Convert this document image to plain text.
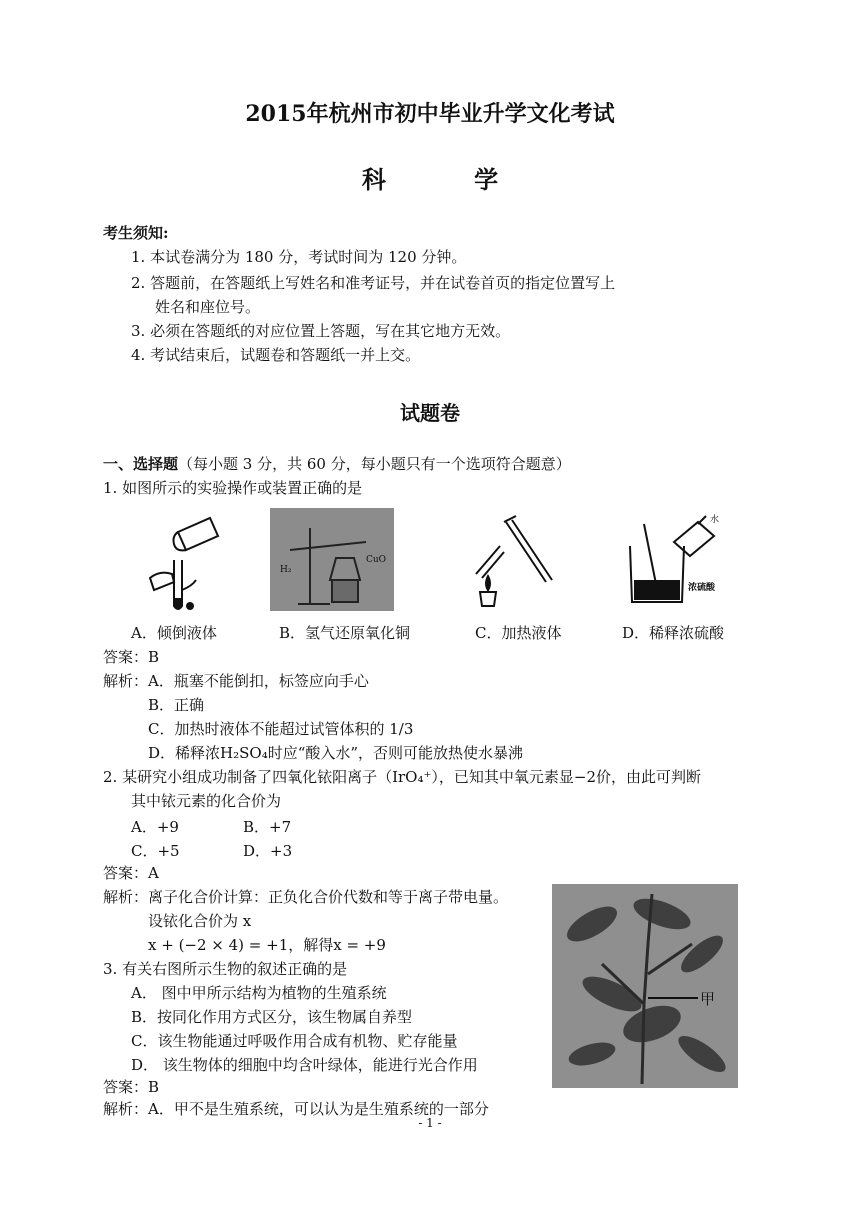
2015年杭州市初中毕业升学文化考试
科 学
考生须知:
1. 本试卷满分为 180 分，考试时间为 120 分钟。
2. 答题前，在答题纸上写姓名和准考证号，并在试卷首页的指定位置写上
姓名和座位号。
3. 必须在答题纸的对应位置上答题，写在其它地方无效。
4. 考试结束后，试题卷和答题纸一并上交。
试题卷
一、选择题（每小题 3 分，共 60 分，每小题只有一个选项符合题意）
1. 如图所示的实验操作或装置正确的是
H₂
CuO
水
浓硫酸
A．倾倒液体	B．氢气还原氧化铜	C．加热液体	D．稀释浓硫酸
答案：B
解析：A．瓶塞不能倒扣，标签应向手心
B．正确
C．加热时液体不能超过试管体积的 1/3
D．稀释浓H₂SO₄时应“酸入水”，否则可能放热使水暴沸
2. 某研究小组成功制备了四氧化铱阳离子（IrO₄⁺），已知其中氧元素显−2价，由此可判断
其中铱元素的化合价为
A．+9	B．+7
C．+5	D．+3
答案：A
解析：离子化合价计算：正负化合价代数和等于离子带电量。
设铱化合价为 x
x + (−2 × 4) = +1，解得x = +9
3. 有关右图所示生物的叙述正确的是
A． 图中甲所示结构为植物的生殖系统
B．按同化作用方式区分，该生物属自养型
C．该生物能通过呼吸作用合成有机物、贮存能量
D． 该生物体的细胞中均含叶绿体，能进行光合作用
答案：B
解析：A．甲不是生殖系统，可以认为是生殖系统的一部分
甲
- 1 -
